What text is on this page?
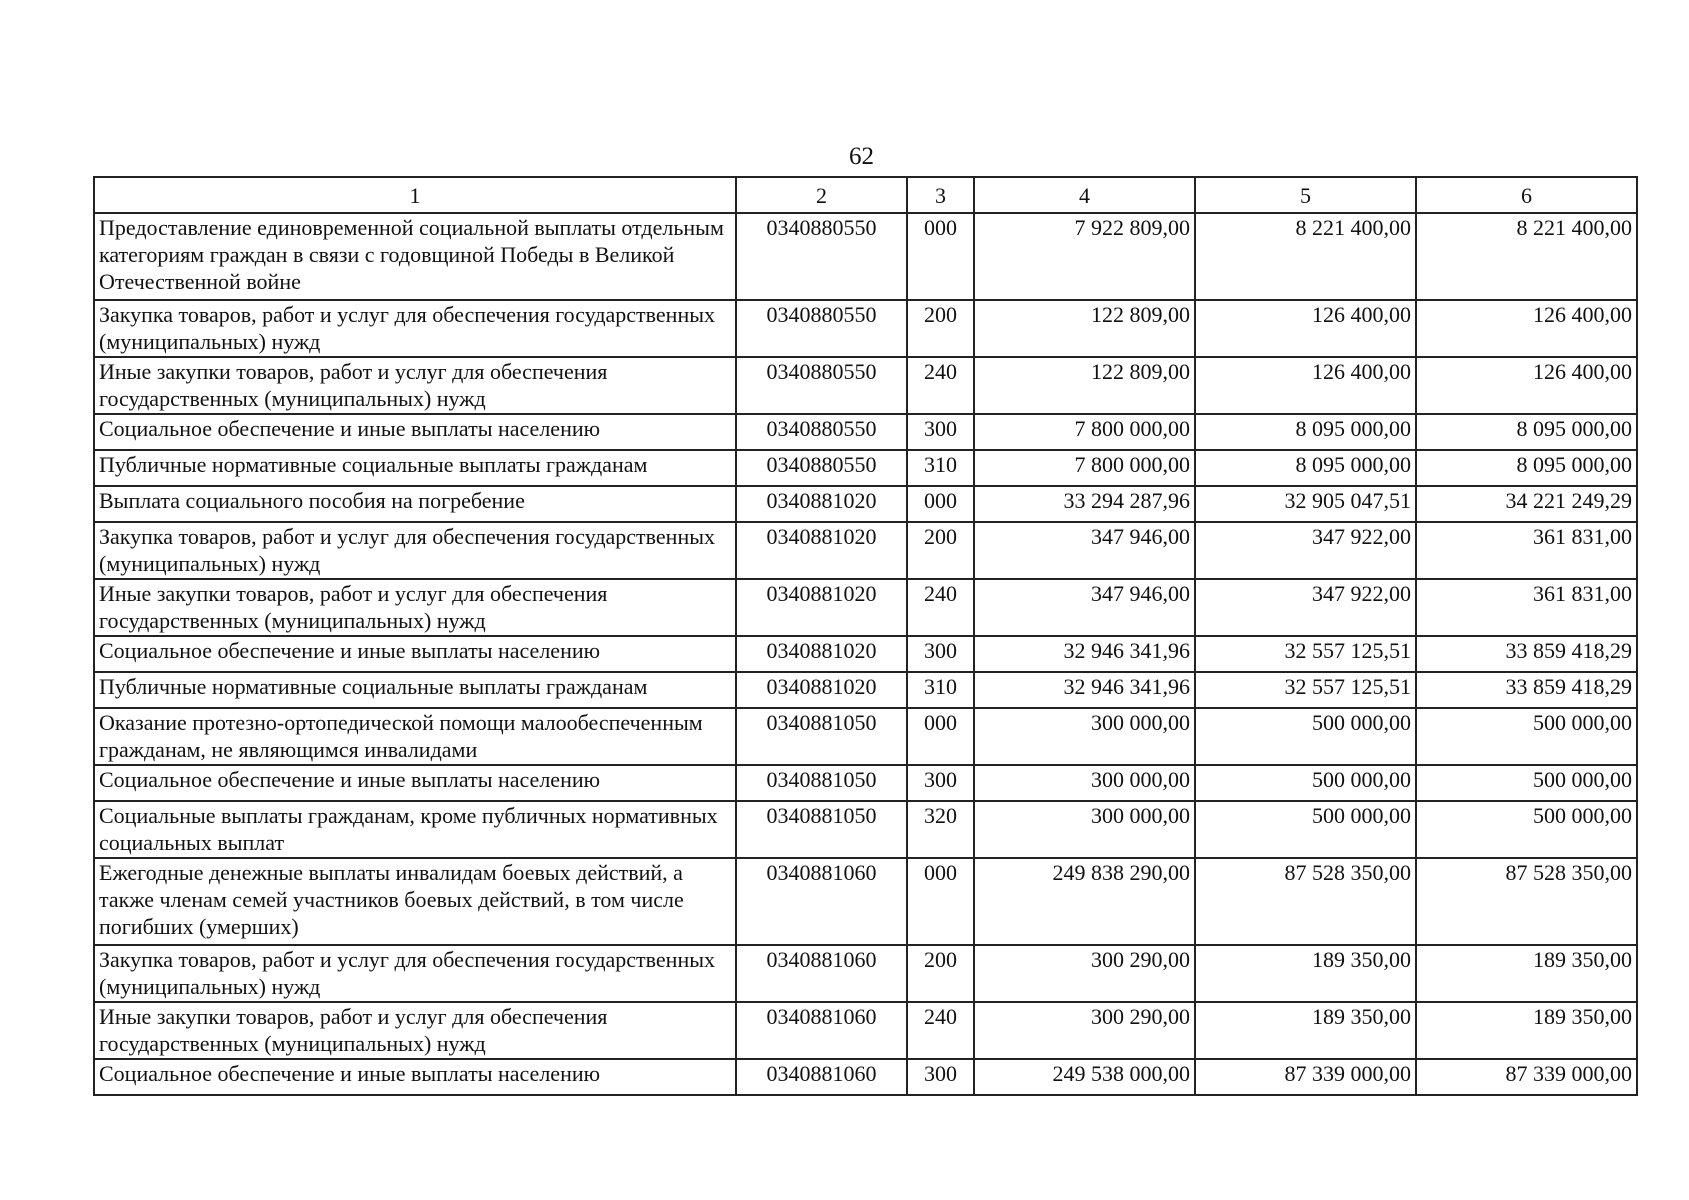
62
1	2	3	4	5	6
Предоставление единовременной социальной выплаты отдельным категориям граждан в связи с годовщиной Победы в Великой Отечественной войне	0340880550	000	7 922 809,00	8 221 400,00	8 221 400,00
Закупка товаров, работ и услуг для обеспечения государственных (муниципальных) нужд	0340880550	200	122 809,00	126 400,00	126 400,00
Иные закупки товаров, работ и услуг для обеспечения государственных (муниципальных) нужд	0340880550	240	122 809,00	126 400,00	126 400,00
Социальное обеспечение и иные выплаты населению	0340880550	300	7 800 000,00	8 095 000,00	8 095 000,00
Публичные нормативные социальные выплаты гражданам	0340880550	310	7 800 000,00	8 095 000,00	8 095 000,00
Выплата социального пособия на погребение	0340881020	000	33 294 287,96	32 905 047,51	34 221 249,29
Закупка товаров, работ и услуг для обеспечения государственных (муниципальных) нужд	0340881020	200	347 946,00	347 922,00	361 831,00
Иные закупки товаров, работ и услуг для обеспечения государственных (муниципальных) нужд	0340881020	240	347 946,00	347 922,00	361 831,00
Социальное обеспечение и иные выплаты населению	0340881020	300	32 946 341,96	32 557 125,51	33 859 418,29
Публичные нормативные социальные выплаты гражданам	0340881020	310	32 946 341,96	32 557 125,51	33 859 418,29
Оказание протезно-ортопедической помощи малообеспеченным гражданам, не являющимся инвалидами	0340881050	000	300 000,00	500 000,00	500 000,00
Социальное обеспечение и иные выплаты населению	0340881050	300	300 000,00	500 000,00	500 000,00
Социальные выплаты гражданам, кроме публичных нормативных социальных выплат	0340881050	320	300 000,00	500 000,00	500 000,00
Ежегодные денежные выплаты инвалидам боевых действий, а также членам семей участников боевых действий, в том числе погибших (умерших)	0340881060	000	249 838 290,00	87 528 350,00	87 528 350,00
Закупка товаров, работ и услуг для обеспечения государственных (муниципальных) нужд	0340881060	200	300 290,00	189 350,00	189 350,00
Иные закупки товаров, работ и услуг для обеспечения государственных (муниципальных) нужд	0340881060	240	300 290,00	189 350,00	189 350,00
Социальное обеспечение и иные выплаты населению	0340881060	300	249 538 000,00	87 339 000,00	87 339 000,00
